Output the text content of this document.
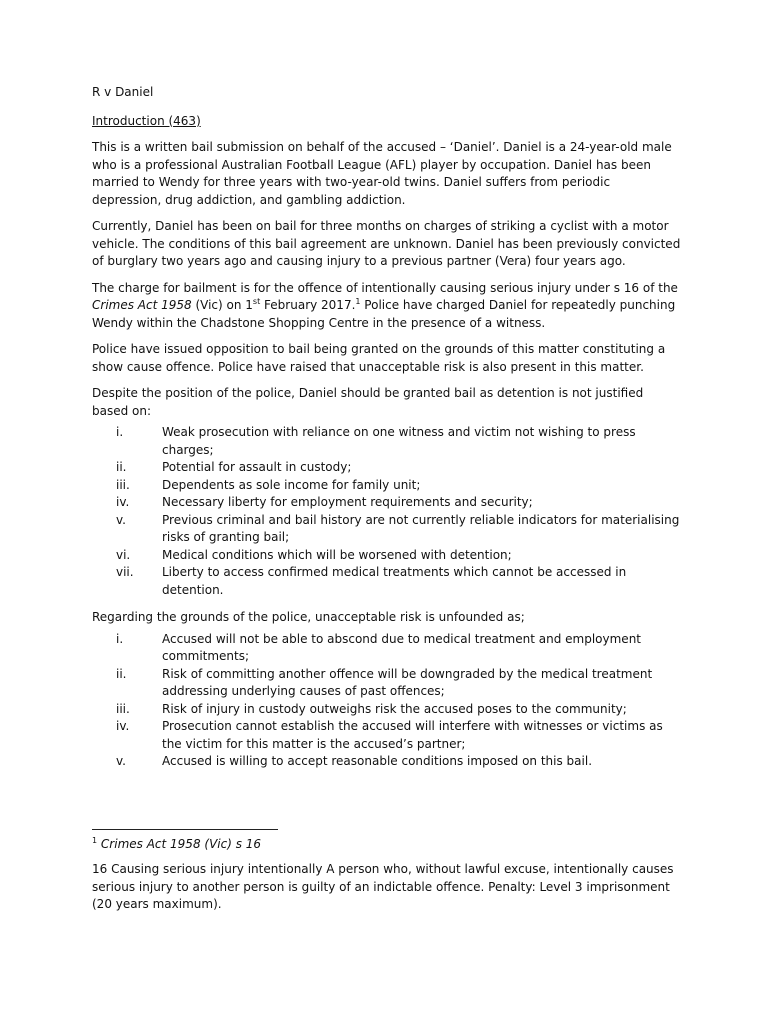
R v Daniel
Introduction (463)

This is a written bail submission on behalf of the accused – ‘Daniel’. Daniel is a 24-year-old male who is a professional Australian Football League (AFL) player by occupation. Daniel has been married to Wendy for three years with two-year-old twins. Daniel suffers from periodic depression, drug addiction, and gambling addiction.

Currently, Daniel has been on bail for three months on charges of striking a cyclist with a motor vehicle. The conditions of this bail agreement are unknown. Daniel has been previously convicted of burglary two years ago and causing injury to a previous partner (Vera) four years ago.

The charge for bailment is for the offence of intentionally causing serious injury under s 16 of the Crimes Act 1958 (Vic) on 1st February 2017.$^1$ Police have charged Daniel for repeatedly punching Wendy within the Chadstone Shopping Centre in the presence of a witness.

Police have issued opposition to bail being granted on the grounds of this matter constituting a show cause offence. Police have raised that unacceptable risk is also present in this matter.

Despite the position of the police, Daniel should be granted bail as detention is not justified based on:

i.	Weak prosecution with reliance on one witness and victim not wishing to press charges;
ii.	Potential for assault in custody;
iii.	Dependents as sole income for family unit;
iv.	Necessary liberty for employment requirements and security;
v.	Previous criminal and bail history are not currently reliable indicators for materialising risks of granting bail;
vi.	Medical conditions which will be worsened with detention;
vii. Liberty to access confirmed medical treatments which cannot be accessed in detention.

Regarding the grounds of the police, unacceptable risk is unfounded as;

i.	Accused will not be able to abscond due to medical treatment and employment commitments;
ii.	Risk of committing another offence will be downgraded by the medical treatment addressing underlying causes of past offences;
iii.	Risk of injury in custody outweighs risk the accused poses to the community;
iv.	Prosecution cannot establish the accused will interfere with witnesses or victims as the victim for this matter is the accused’s partner;
v.	Accused is willing to accept reasonable conditions imposed on this bail.
$^1$ Crimes Act 1958 (Vic) s 16

16 Causing serious injury intentionally A person who, without lawful excuse, intentionally causes serious injury to another person is guilty of an indictable offence. Penalty: Level 3 imprisonment (20 years maximum).
